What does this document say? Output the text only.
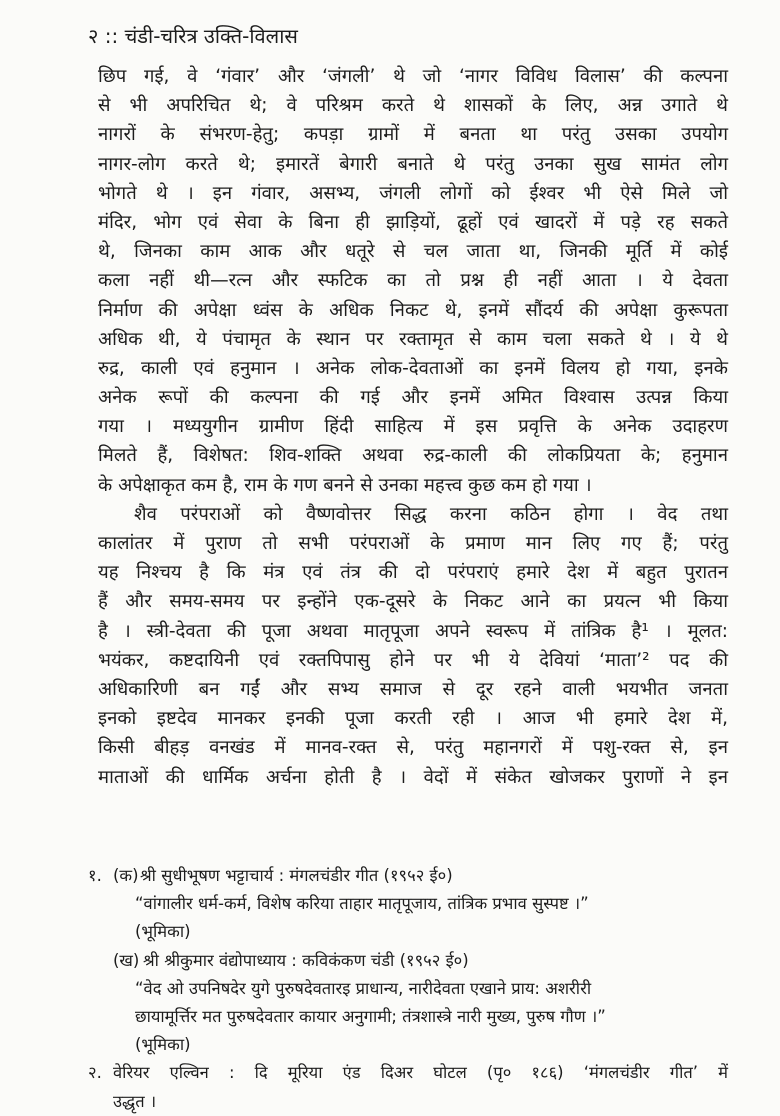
२ :: चंडी-चरित्र उक्ति-विलास
छिप गई, वे ‘गंवार’ और ‘जंगली’ थे जो ‘नागर विविध विलास’ की कल्पना
से भी अपरिचित थे; वे परिश्रम करते थे शासकों के लिए, अन्न उगाते थे
नागरों के संभरण-हेतु; कपड़ा ग्रामों में बनता था परंतु उसका उपयोग
नागर-लोग करते थे; इमारतें बेगारी बनाते थे परंतु उनका सुख सामंत लोग
भोगते थे । इन गंवार, असभ्य, जंगली लोगों को ईश्वर भी ऐसे मिले जो
मंदिर, भोग एवं सेवा के बिना ही झाड़ियों, ढूहों एवं खादरों में पड़े रह सकते
थे, जिनका काम आक और धतूरे से चल जाता था, जिनकी मूर्ति में कोई
कला नहीं थी—रत्न और स्फटिक का तो प्रश्न ही नहीं आता । ये देवता
निर्माण की अपेक्षा ध्वंस के अधिक निकट थे, इनमें सौंदर्य की अपेक्षा कुरूपता
अधिक थी, ये पंचामृत के स्थान पर रक्तामृत से काम चला सकते थे । ये थे
रुद्र, काली एवं हनुमान । अनेक लोक-देवताओं का इनमें विलय हो गया, इनके
अनेक रूपों की कल्पना की गई और इनमें अमित विश्वास उत्पन्न किया
गया । मध्ययुगीन ग्रामीण हिंदी साहित्य में इस प्रवृत्ति के अनेक उदाहरण
मिलते हैं, विशेषत: शिव-शक्ति अथवा रुद्र-काली की लोकप्रियता के; हनुमान
के अपेक्षाकृत कम है, राम के गण बनने से उनका महत्त्व कुछ कम हो गया ।
शैव परंपराओं को वैष्णवोत्तर सिद्ध करना कठिन होगा । वेद तथा
कालांतर में पुराण तो सभी परंपराओं के प्रमाण मान लिए गए हैं; परंतु
यह निश्चय है कि मंत्र एवं तंत्र की दो परंपराएं हमारे देश में बहुत पुरातन
हैं और समय-समय पर इन्होंने एक-दूसरे के निकट आने का प्रयत्न भी किया
है । स्त्री-देवता की पूजा अथवा मातृपूजा अपने स्वरूप में तांत्रिक है¹ । मूलत:
भयंकर, कष्टदायिनी एवं रक्तपिपासु होने पर भी ये देवियां ‘माता’² पद की
अधिकारिणी बन गईं और सभ्य समाज से दूर रहने वाली भयभीत जनता
इनको इष्टदेव मानकर इनकी पूजा करती रही । आज भी हमारे देश में,
किसी बीहड़ वनखंड में मानव-रक्त से, परंतु महानगरों में पशु-रक्त से, इन
माताओं की धार्मिक अर्चना होती है । वेदों में संकेत खोजकर पुराणों ने इन
१. (क) श्री सुधीभूषण भट्टाचार्य : मंगलचंडीर गीत (१९५२ ई०)
“वांगालीर धर्म-कर्म, विशेष करिया ताहार मातृपूजाय, तांत्रिक प्रभाव सुस्पष्ट ।”
(भूमिका)
(ख) श्री श्रीकुमार वंद्योपाध्याय : कविकंकण चंडी (१९५२ ई०)
“वेद ओ उपनिषदेर युगे पुरुषदेवतारइ प्राधान्य, नारीदेवता एखाने प्राय: अशरीरी
छायामूर्त्तिर मत पुरुषदेवतार कायार अनुगामी; तंत्रशास्त्रे नारी मुख्य, पुरुष गौण ।”
(भूमिका)
२. वेरियर एल्विन : दि मूरिया एंड दिअर घोटल (पृ० १८६) ‘मंगलचंडीर गीत’ में
उद्धृत ।
